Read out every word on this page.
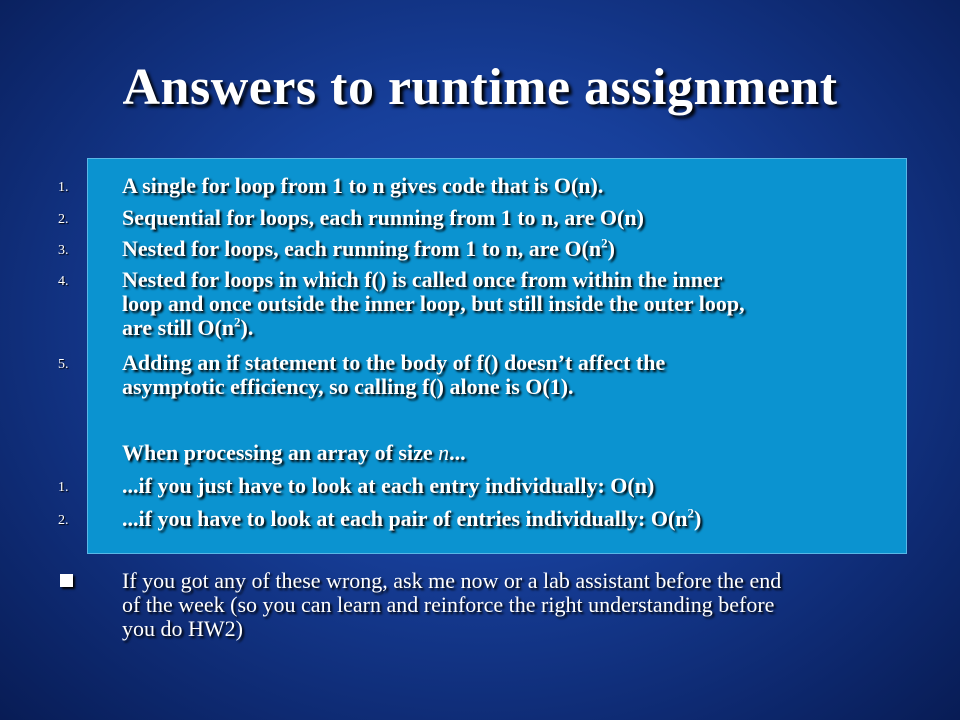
Answers to runtime assignment
1. A single for loop from 1 to n gives code that is O(n).
2. Sequential for loops, each running from 1 to n, are O(n)
3. Nested for loops, each running from 1 to n, are $O(n^2)$
4. Nested for loops in which f() is called once from within the inner
loop and once outside the inner loop, but still inside the outer loop,
are still $O(n^2)$.
5. Adding an if statement to the body of f() doesn’t affect the
asymptotic efficiency, so calling f() alone is O(1).
When processing an array of size n...
1. ...if you just have to look at each entry individually: O(n)
2. ...if you have to look at each pair of entries individually: $O(n^2)$
If you got any of these wrong, ask me now or a lab assistant before the end
of the week (so you can learn and reinforce the right understanding before
you do HW2)
